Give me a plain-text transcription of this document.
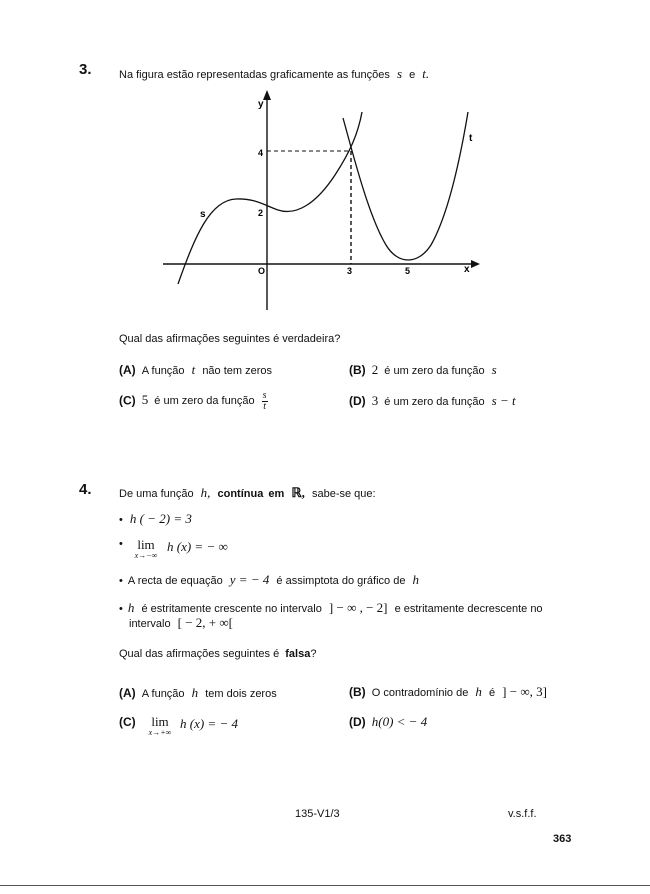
3. Na figura estão representadas graficamente as funções s e t.
y
x
O
4
2
3	5
s
t
Qual das afirmações seguintes é verdadeira?
(A) A função t não tem zeros	(B) 2 é um zero da função s
(C) 5 é um zero da função $\frac{s}{t}$	(D) 3 é um zero da função s − t
4. De uma função h, contínua em ℝ, sabe-se que:
• h ( − 2) = 3
•	lim
x→−∞
h (x) = − ∞
• A recta de equação y = − 4 é assimptota do gráfico de h
• h é estritamente crescente no intervalo ] − ∞ , − 2] e estritamente decrescente no
intervalo [ − 2, + ∞[
Qual das afirmações seguintes é falsa?
(A) A função h tem dois zeros	(B) O contradomínio de h é ] − ∞, 3]
(C)	lim
x→+∞
h (x) = − 4	(D) h(0) < − 4
135-V1/3	v.s.f.f.
363
